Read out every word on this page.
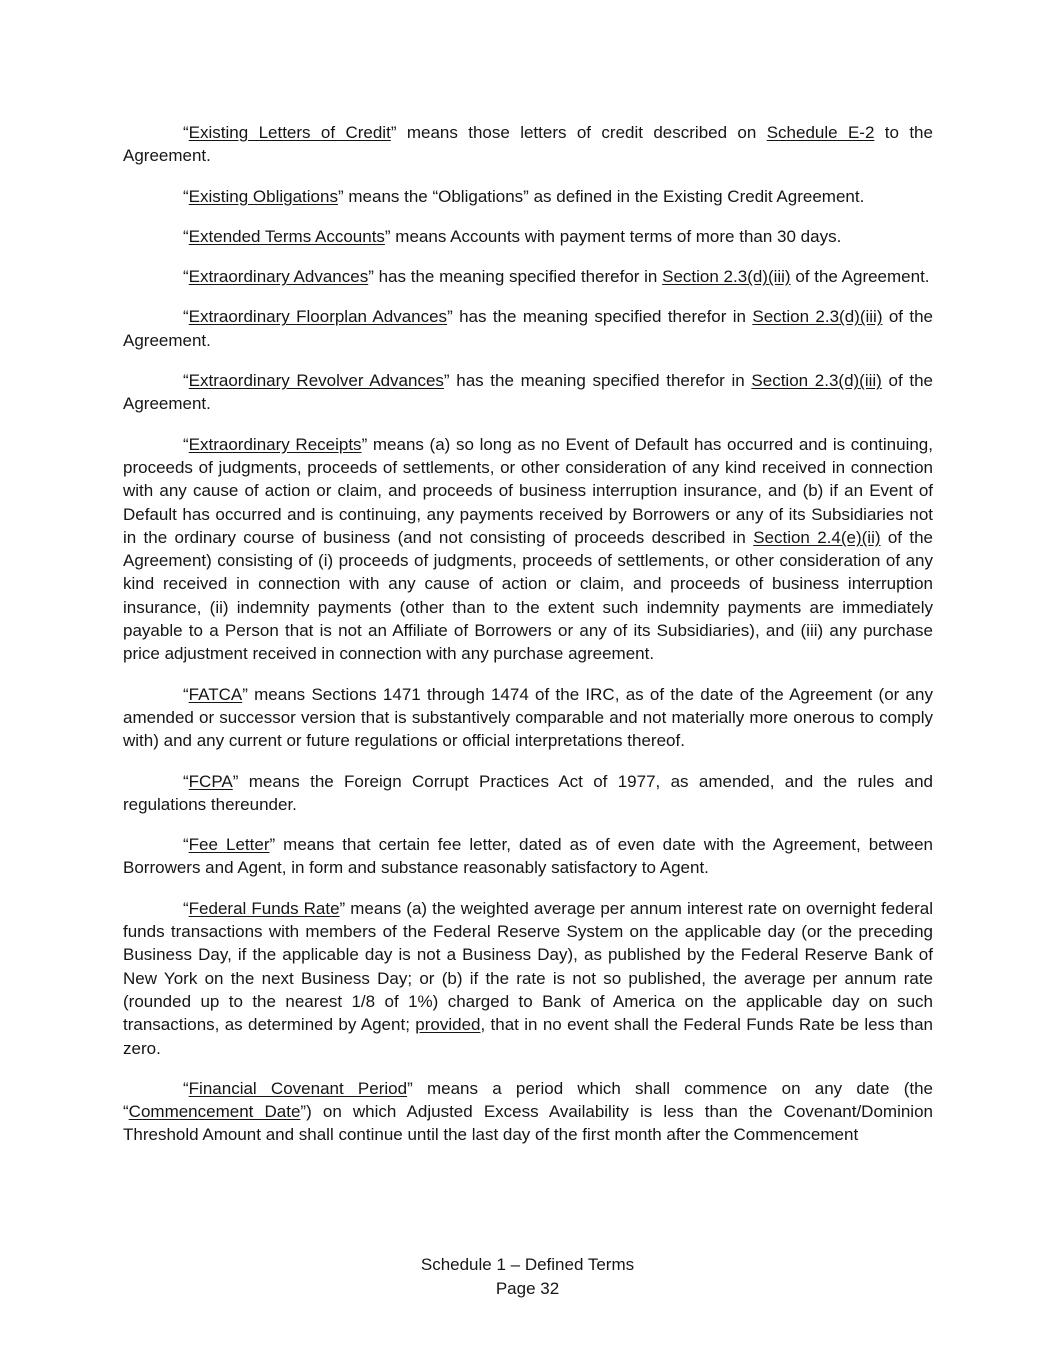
“Existing Letters of Credit” means those letters of credit described on Schedule E-2 to the Agreement.

“Existing Obligations” means the “Obligations” as defined in the Existing Credit Agreement.

“Extended Terms Accounts” means Accounts with payment terms of more than 30 days.

“Extraordinary Advances” has the meaning specified therefor in Section 2.3(d)(iii) of the Agreement.

“Extraordinary Floorplan Advances” has the meaning specified therefor in Section 2.3(d)(iii) of the Agreement.

“Extraordinary Revolver Advances” has the meaning specified therefor in Section 2.3(d)(iii) of the Agreement.

“Extraordinary Receipts” means (a) so long as no Event of Default has occurred and is continuing, proceeds of judgments, proceeds of settlements, or other consideration of any kind received in connection with any cause of action or claim, and proceeds of business interruption insurance, and (b) if an Event of Default has occurred and is continuing, any payments received by Borrowers or any of its Subsidiaries not in the ordinary course of business (and not consisting of proceeds described in Section 2.4(e)(ii) of the Agreement) consisting of (i) proceeds of judgments, proceeds of settlements, or other consideration of any kind received in connection with any cause of action or claim, and proceeds of business interruption insurance, (ii) indemnity payments (other than to the extent such indemnity payments are immediately payable to a Person that is not an Affiliate of Borrowers or any of its Subsidiaries), and (iii) any purchase price adjustment received in connection with any purchase agreement.

“FATCA” means Sections 1471 through 1474 of the IRC, as of the date of the Agreement (or any amended or successor version that is substantively comparable and not materially more onerous to comply with) and any current or future regulations or official interpretations thereof.

“FCPA” means the Foreign Corrupt Practices Act of 1977, as amended, and the rules and regulations thereunder.

“Fee Letter” means that certain fee letter, dated as of even date with the Agreement, between Borrowers and Agent, in form and substance reasonably satisfactory to Agent.

“Federal Funds Rate” means (a) the weighted average per annum interest rate on overnight federal funds transactions with members of the Federal Reserve System on the applicable day (or the preceding Business Day, if the applicable day is not a Business Day), as published by the Federal Reserve Bank of New York on the next Business Day; or (b) if the rate is not so published, the average per annum rate (rounded up to the nearest 1/8 of 1%) charged to Bank of America on the applicable day on such transactions, as determined by Agent; provided, that in no event shall the Federal Funds Rate be less than zero.

“Financial Covenant Period” means a period which shall commence on any date (the “Commencement Date”) on which Adjusted Excess Availability is less than the Covenant/Dominion Threshold Amount and shall continue until the last day of the first month after the Commencement

Schedule 1 – Defined Terms
Page 32
